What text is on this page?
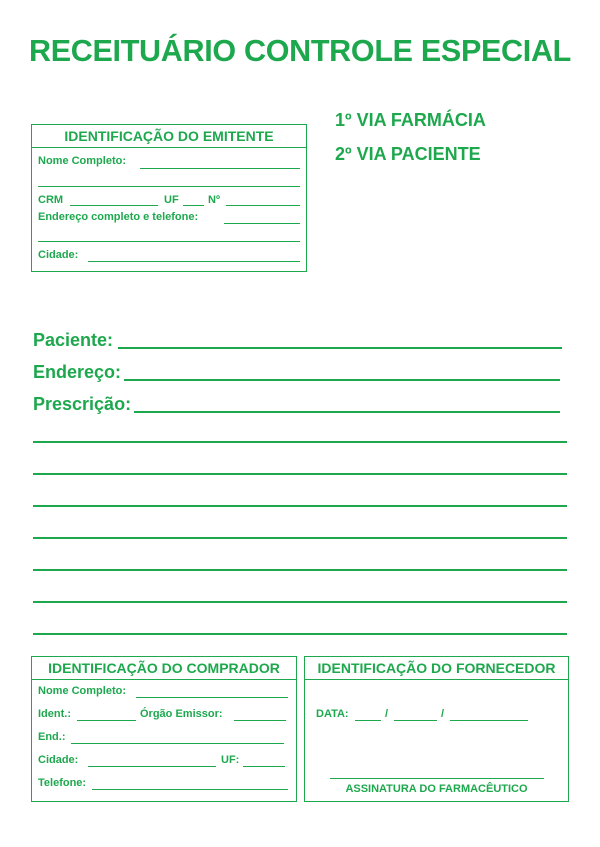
RECEITUÁRIO CONTROLE ESPECIAL
1º VIA FARMÁCIA
2º VIA PACIENTE
IDENTIFICAÇÃO DO EMITENTE
Nome Completo:
CRM	UF	Nº
Endereço completo e telefone:
Cidade:
Paciente:
Endereço:
Prescrição:
IDENTIFICAÇÃO DO COMPRADOR
Nome Completo:
Ident.:	Órgão Emissor:
End.:
Cidade:	UF:
Telefone:
IDENTIFICAÇÃO DO FORNECEDOR
DATA:	/	/
ASSINATURA DO FARMACÊUTICO
